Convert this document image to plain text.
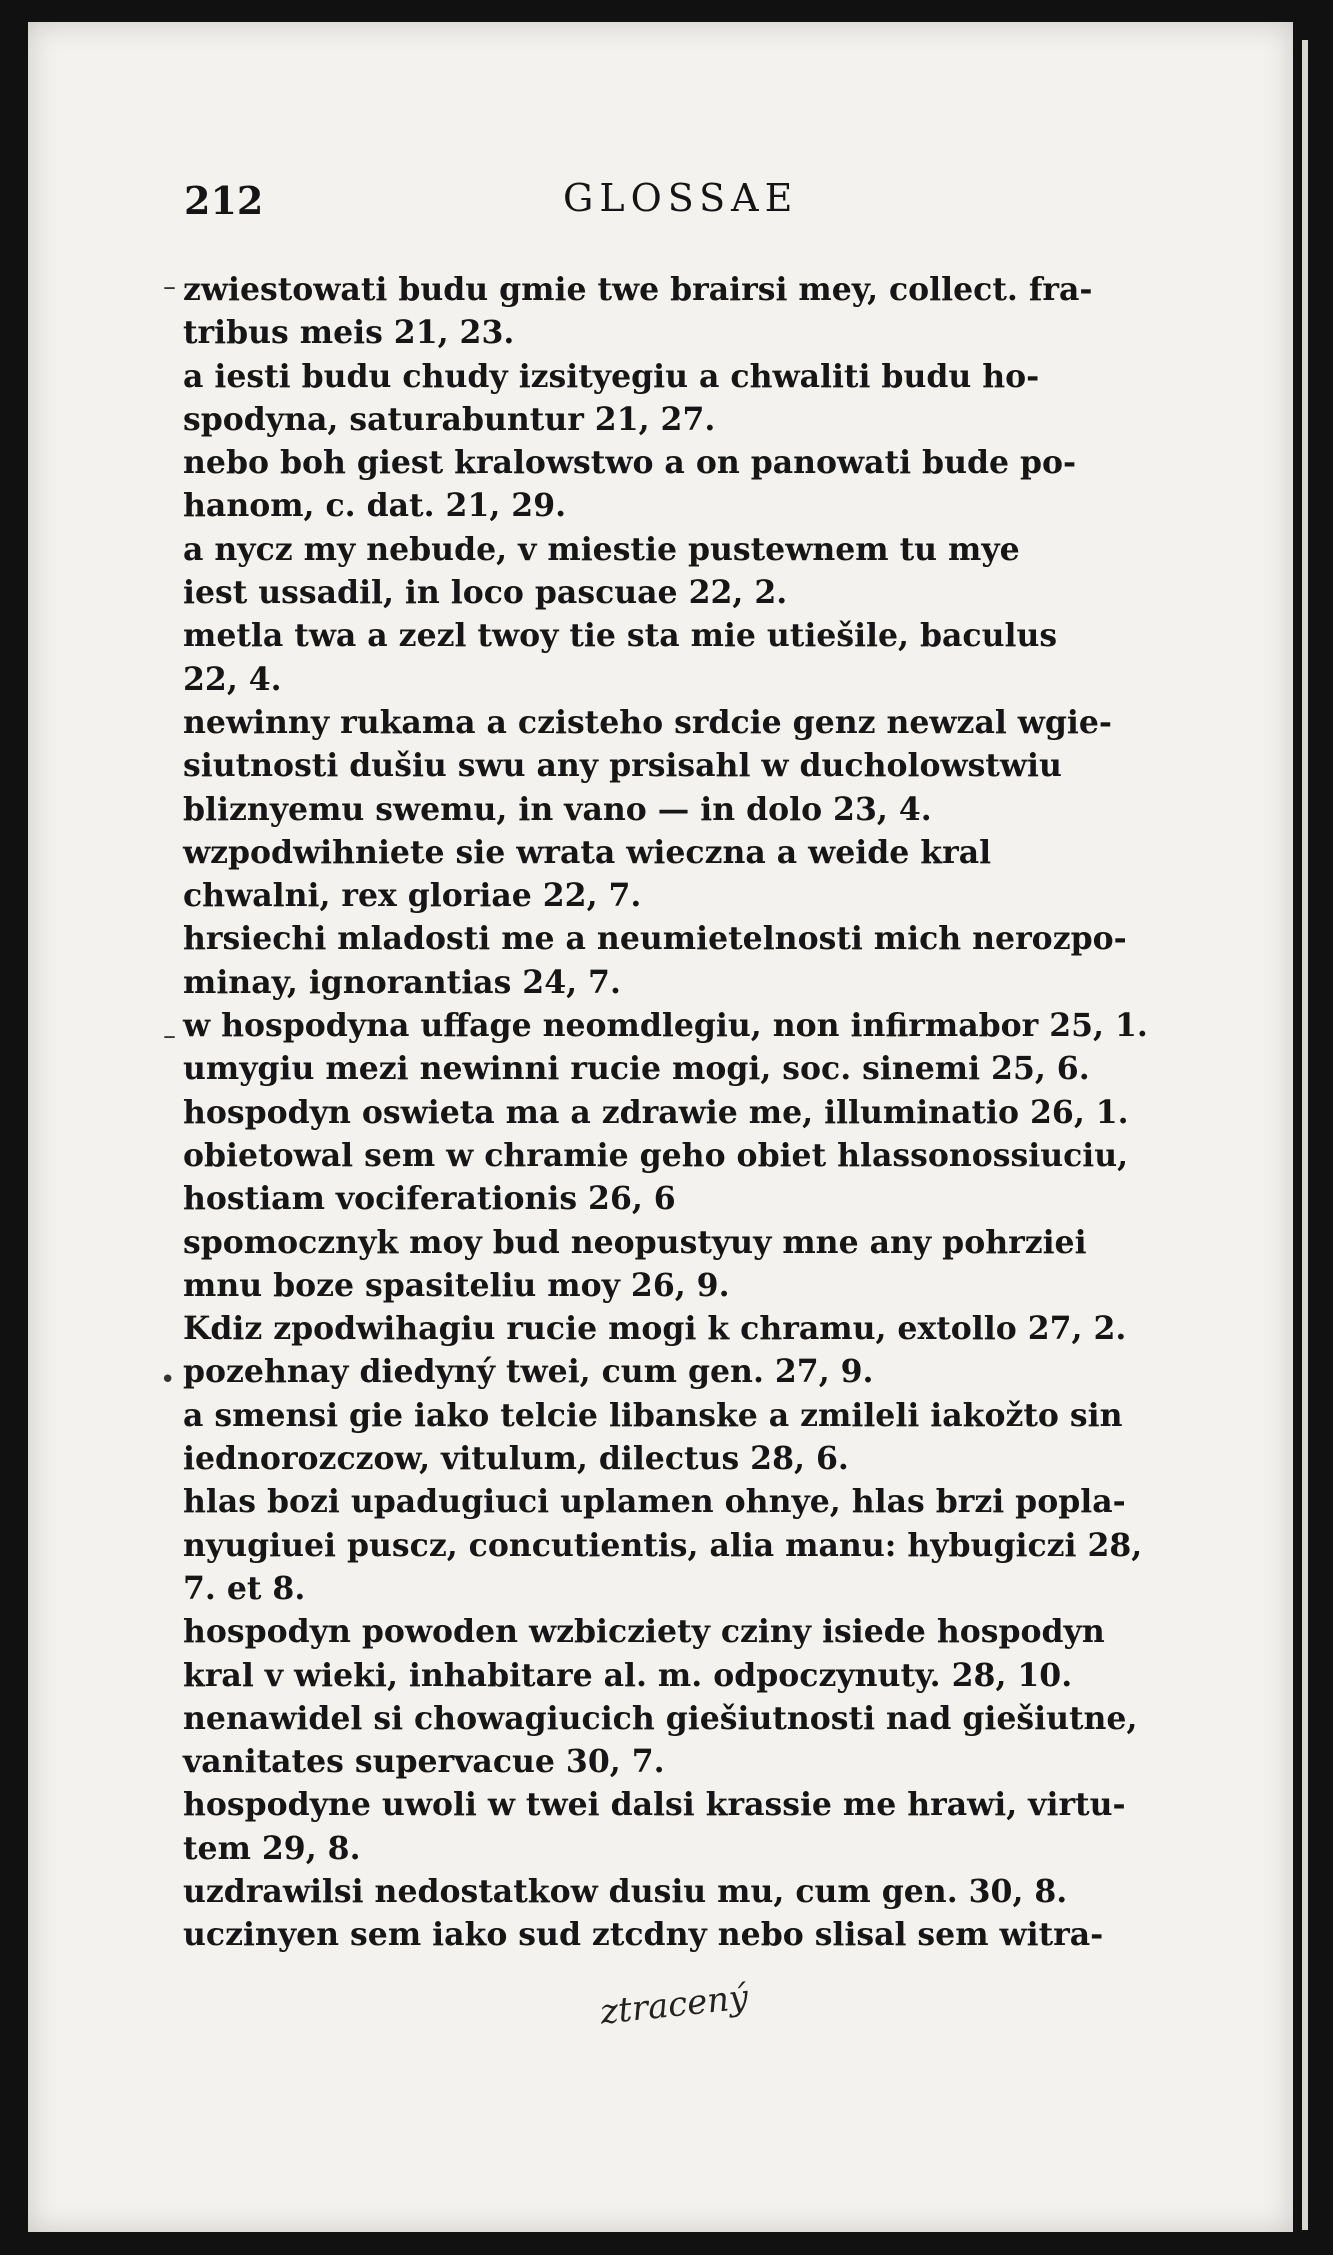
212	GLOSSAE
zwiestowati budu gmie twe brairsi mey, collect. fra-
tribus meis 21, 23.
a iesti budu chudy izsityegiu a chwaliti budu ho-
spodyna, saturabuntur 21, 27.
nebo boh giest kralowstwo a on panowati bude po-
hanom, c. dat. 21, 29.
a nycz my nebude, v miestie pustewnem tu mye
iest ussadil, in loco pascuae 22, 2.
metla twa a zezl twoy tie sta mie utiešile, baculus
22, 4.
newinny rukama a czisteho srdcie genz newzal wgie-
siutnosti dušiu swu any prsisahl w ducholowstwiu
bliznyemu swemu, in vano — in dolo 23, 4.
wzpodwihniete sie wrata wieczna a weide kral
chwalni, rex gloriae 22, 7.
hrsiechi mladosti me a neumietelnosti mich nerozpo-
minay, ignorantias 24, 7.
w hospodyna uffage neomdlegiu, non infirmabor 25, 1.
umygiu mezi newinni rucie mogi, soc. sinemi 25, 6.
hospodyn oswieta ma a zdrawie me, illuminatio 26, 1.
obietowal sem w chramie geho obiet hlassonossiuciu,
hostiam vociferationis 26, 6
spomocznyk moy bud neopustyuy mne any pohrziei
mnu boze spasiteliu moy 26, 9.
Kdiz zpodwihagiu rucie mogi k chramu, extollo 27, 2.
pozehnay diedyný twei, cum gen. 27, 9.
a smensi gie iako telcie libanske a zmileli iakožto sin
iednorozczow, vitulum, dilectus 28, 6.
hlas bozi upadugiuci uplamen ohnye, hlas brzi popla-
nyugiuei puscz, concutientis, alia manu: hybugiczi 28,
7. et 8.
hospodyn powoden wzbicziety cziny isiede hospodyn
kral v wieki, inhabitare al. m. odpoczynuty. 28, 10.
nenawidel si chowagiucich giešiutnosti nad giešiutne,
vanitates supervacue 30, 7.
hospodyne uwoli w twei dalsi krassie me hrawi, virtu-
tem 29, 8.
uzdrawilsi nedostatkow dusiu mu, cum gen. 30, 8.
uczinyen sem iako sud ztcdny nebo slisal sem witra-
–
–
•
ztracený
